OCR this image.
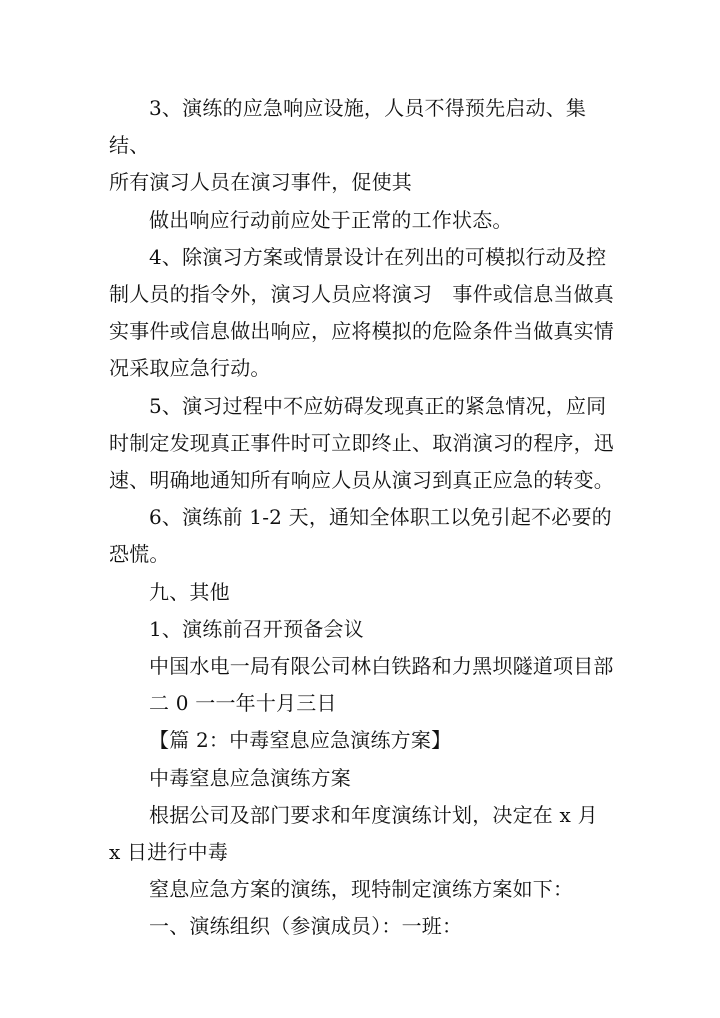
3、演练的应急响应设施，人员不得预先启动、集结、

所有演习人员在演习事件，促使其

做出响应行动前应处于正常的工作状态。

4、除演习方案或情景设计在列出的可模拟行动及控制人员的指令外，演习人员应将演习　事件或信息当做真实事件或信息做出响应，应将模拟的危险条件当做真实情况采取应急行动。

5、演习过程中不应妨碍发现真正的紧急情况，应同时制定发现真正事件时可立即终止、取消演习的程序，迅速、明确地通知所有响应人员从演习到真正应急的转变。

6、演练前 1-2 天，通知全体职工以免引起不必要的恐慌。

九、其他

1、演练前召开预备会议

中国水电一局有限公司林白铁路和力黑坝隧道项目部

二 0 一一年十月三日

【篇 2：中毒窒息应急演练方案】

中毒窒息应急演练方案

根据公司及部门要求和年度演练计划，决定在 x 月 x 日进行中毒

窒息应急方案的演练，现特制定演练方案如下：

一、演练组织（参演成员）：一班：
